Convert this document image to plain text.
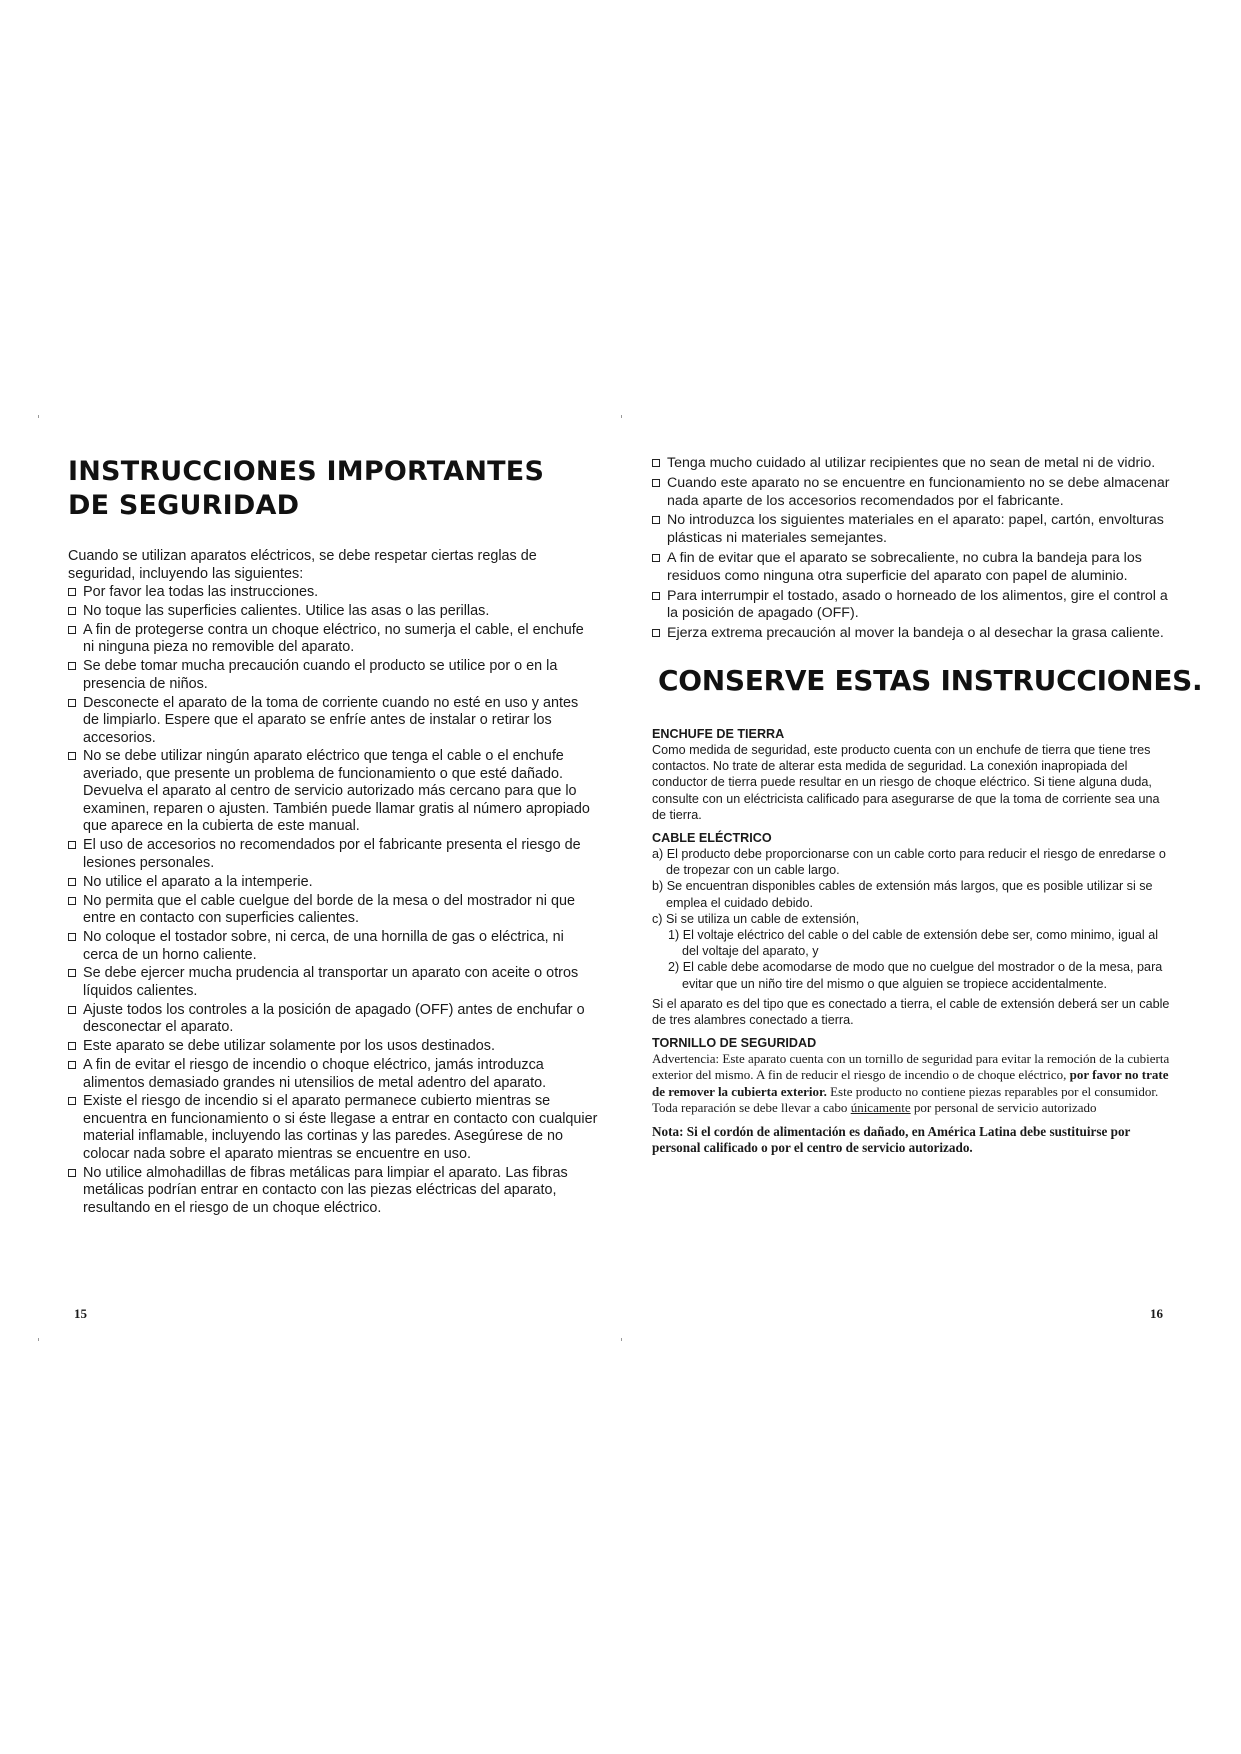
INSTRUCCIONES IMPORTANTES
DE SEGURIDAD

Cuando se utilizan aparatos eléctricos, se debe respetar ciertas reglas de seguridad, incluyendo las siguientes:

Por favor lea todas las instrucciones.
No toque las superficies calientes. Utilice las asas o las perillas.
A fin de protegerse contra un choque eléctrico, no sumerja el cable, el enchufe ni ninguna pieza no removible del aparato.
Se debe tomar mucha precaución cuando el producto se utilice por o en la presencia de niños.
Desconecte el aparato de la toma de corriente cuando no esté en uso y antes de limpiarlo. Espere que el aparato se enfríe antes de instalar o retirar los accesorios.
No se debe utilizar ningún aparato eléctrico que tenga el cable o el enchufe averiado, que presente un problema de funcionamiento o que esté dañado. Devuelva el aparato al centro de servicio autorizado más cercano para que lo examinen, reparen o ajusten. También puede llamar gratis al número apropiado que aparece en la cubierta de este manual.
El uso de accesorios no recomendados por el fabricante presenta el riesgo de lesiones personales.
No utilice el aparato a la intemperie.
No permita que el cable cuelgue del borde de la mesa o del mostrador ni que entre en contacto con superficies calientes.
No coloque el tostador sobre, ni cerca, de una hornilla de gas o eléctrica, ni cerca de un horno caliente.
Se debe ejercer mucha prudencia al transportar un aparato con aceite o otros líquidos calientes.
Ajuste todos los controles a la posición de apagado (OFF) antes de enchufar o desconectar el aparato.
Este aparato se debe utilizar solamente por los usos destinados.
A fin de evitar el riesgo de incendio o choque eléctrico, jamás introduzca alimentos demasiado grandes ni utensilios de metal adentro del aparato.
Existe el riesgo de incendio si el aparato permanece cubierto mientras se encuentra en funcionamiento o si éste llegase a entrar en contacto con cualquier material inflamable, incluyendo las cortinas y las paredes. Asegúrese de no colocar nada sobre el aparato mientras se encuentre en uso.
No utilice almohadillas de fibras metálicas para limpiar el aparato. Las fibras metálicas podrían entrar en contacto con las piezas eléctricas del aparato, resultando en el riesgo de un choque eléctrico.
15
Tenga mucho cuidado al utilizar recipientes que no sean de metal ni de vidrio.
Cuando este aparato no se encuentre en funcionamiento no se debe almacenar nada aparte de los accesorios recomendados por el fabricante.
No introduzca los siguientes materiales en el aparato: papel, cartón, envolturas plásticas ni materiales semejantes.
A fin de evitar que el aparato se sobrecaliente, no cubra la bandeja para los residuos como ninguna otra superficie del aparato con papel de aluminio.
Para interrumpir el tostado, asado o horneado de los alimentos, gire el control a la posición de apagado (OFF).
Ejerza extrema precaución al mover la bandeja o al desechar la grasa caliente.
CONSERVE ESTAS INSTRUCCIONES.
ENCHUFE DE TIERRA

Como medida de seguridad, este producto cuenta con un enchufe de tierra que tiene tres contactos. No trate de alterar esta medida de seguridad. La conexión inapropiada del conductor de tierra puede resultar en un riesgo de choque eléctrico. Si tiene alguna duda, consulte con un eléctricista calificado para asegurarse de que la toma de corriente sea una de tierra.

CABLE ELÉCTRICO

a) El producto debe proporcionarse con un cable corto para reducir el riesgo de enredarse o de tropezar con un cable largo.

b) Se encuentran disponibles cables de extensión más largos, que es posible utilizar si se emplea el cuidado debido.

c) Si se utiliza un cable de extensión,

1) El voltaje eléctrico del cable o del cable de extensión debe ser, como minimo, igual al del voltaje del aparato, y

2) El cable debe acomodarse de modo que no cuelgue del mostrador o de la mesa, para evitar que un niño tire del mismo o que alguien se tropiece accidentalmente.

Si el aparato es del tipo que es conectado a tierra, el cable de extensión deberá ser un cable de tres alambres conectado a tierra.

TORNILLO DE SEGURIDAD

Advertencia: Este aparato cuenta con un tornillo de seguridad para evitar la remoción de la cubierta exterior del mismo. A fin de reducir el riesgo de incendio o de choque eléctrico, por favor no trate de remover la cubierta exterior. Este producto no contiene piezas reparables por el consumidor. Toda reparación se debe llevar a cabo únicamente por personal de servicio autorizado

Nota: Si el cordón de alimentación es dañado, en América Latina debe sustituirse por personal calificado o por el centro de servicio autorizado.

16
